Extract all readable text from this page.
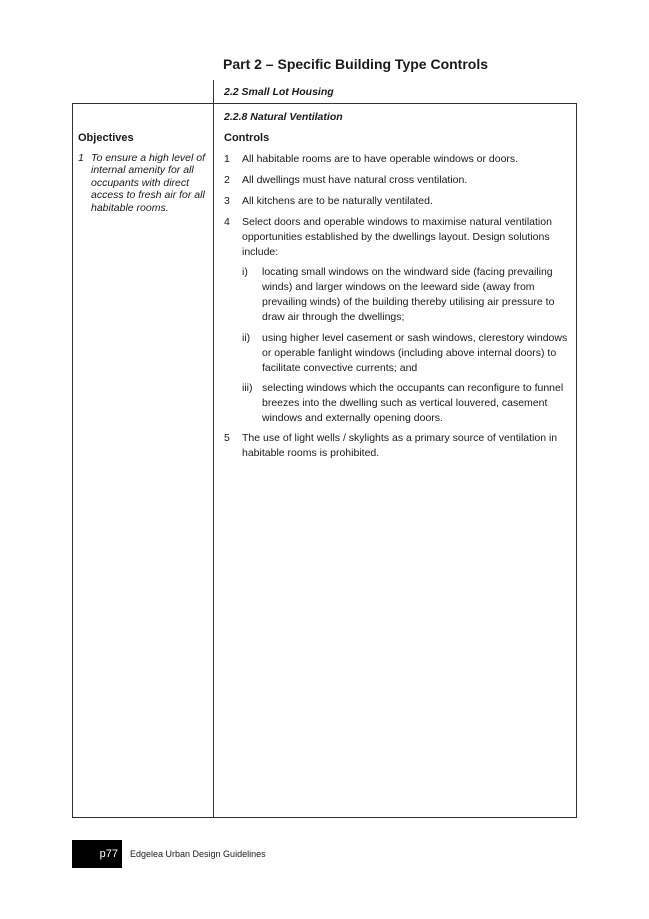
Part 2 – Specific Building Type Controls
2.2 Small Lot Housing
2.2.8 Natural Ventilation
Objectives	Controls
1 To ensure a high level of internal amenity for all occupants with direct access to fresh air for all habitable rooms.
1 All habitable rooms are to have operable windows or doors.
2 All dwellings must have natural cross ventilation.
3 All kitchens are to be naturally ventilated.
4 Select doors and operable windows to maximise natural ventilation opportunities established by the dwellings layout. Design solutions include:
i) locating small windows on the windward side (facing prevailing winds) and larger windows on the leeward side (away from prevailing winds) of the building thereby utilising air pressure to draw air through the dwellings;
ii) using higher level casement or sash windows, clerestory windows or operable fanlight windows (including above internal doors) to facilitate convective currents; and
iii) selecting windows which the occupants can reconfigure to funnel breezes into the dwelling such as vertical louvered, casement windows and externally opening doors.
5 The use of light wells / skylights as a primary source of ventilation in habitable rooms is prohibited.
p77	Edgelea Urban Design Guidelines
